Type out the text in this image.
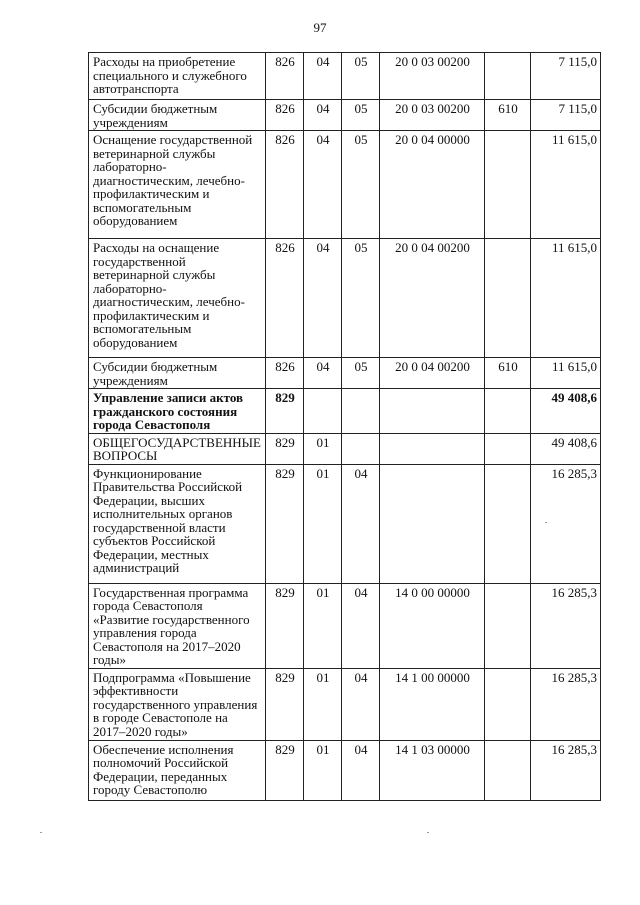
97
Расходы на приобретение специального и служебного автотранспорта	826	04	05	20 0 03 00200		7 115,0
Субсидии бюджетным учреждениям	826	04	05	20 0 03 00200	610	7 115,0
Оснащение государственной ветеринарной службы лабораторно-диагностическим, лечебно-профилактическим и вспомогательным оборудованием	826	04	05	20 0 04 00000		11 615,0
Расходы на оснащение государственной ветеринарной службы лабораторно-диагностическим, лечебно-профилактическим и вспомогательным оборудованием	826	04	05	20 0 04 00200		11 615,0
Субсидии бюджетным учреждениям	826	04	05	20 0 04 00200	610	11 615,0
Управление записи актов гражданского состояния города Севастополя	829					49 408,6
ОБЩЕГОСУДАРСТВЕННЫЕ ВОПРОСЫ	829	01				49 408,6
Функционирование Правительства Российской Федерации, высших исполнительных органов государственной власти субъектов Российской Федерации, местных администраций	829	01	04			16 285,3
Государственная программа города Севастополя «Развитие государственного управления города Севастополя на 2017–2020 годы»	829	01	04	14 0 00 00000		16 285,3
Подпрограмма «Повышение эффективности государственного управления в городе Севастополе на 2017–2020 годы»	829	01	04	14 1 00 00000		16 285,3
Обеспечение исполнения полномочий Российской Федерации, переданных городу Севастополю	829	01	04	14 1 03 00000		16 285,3
